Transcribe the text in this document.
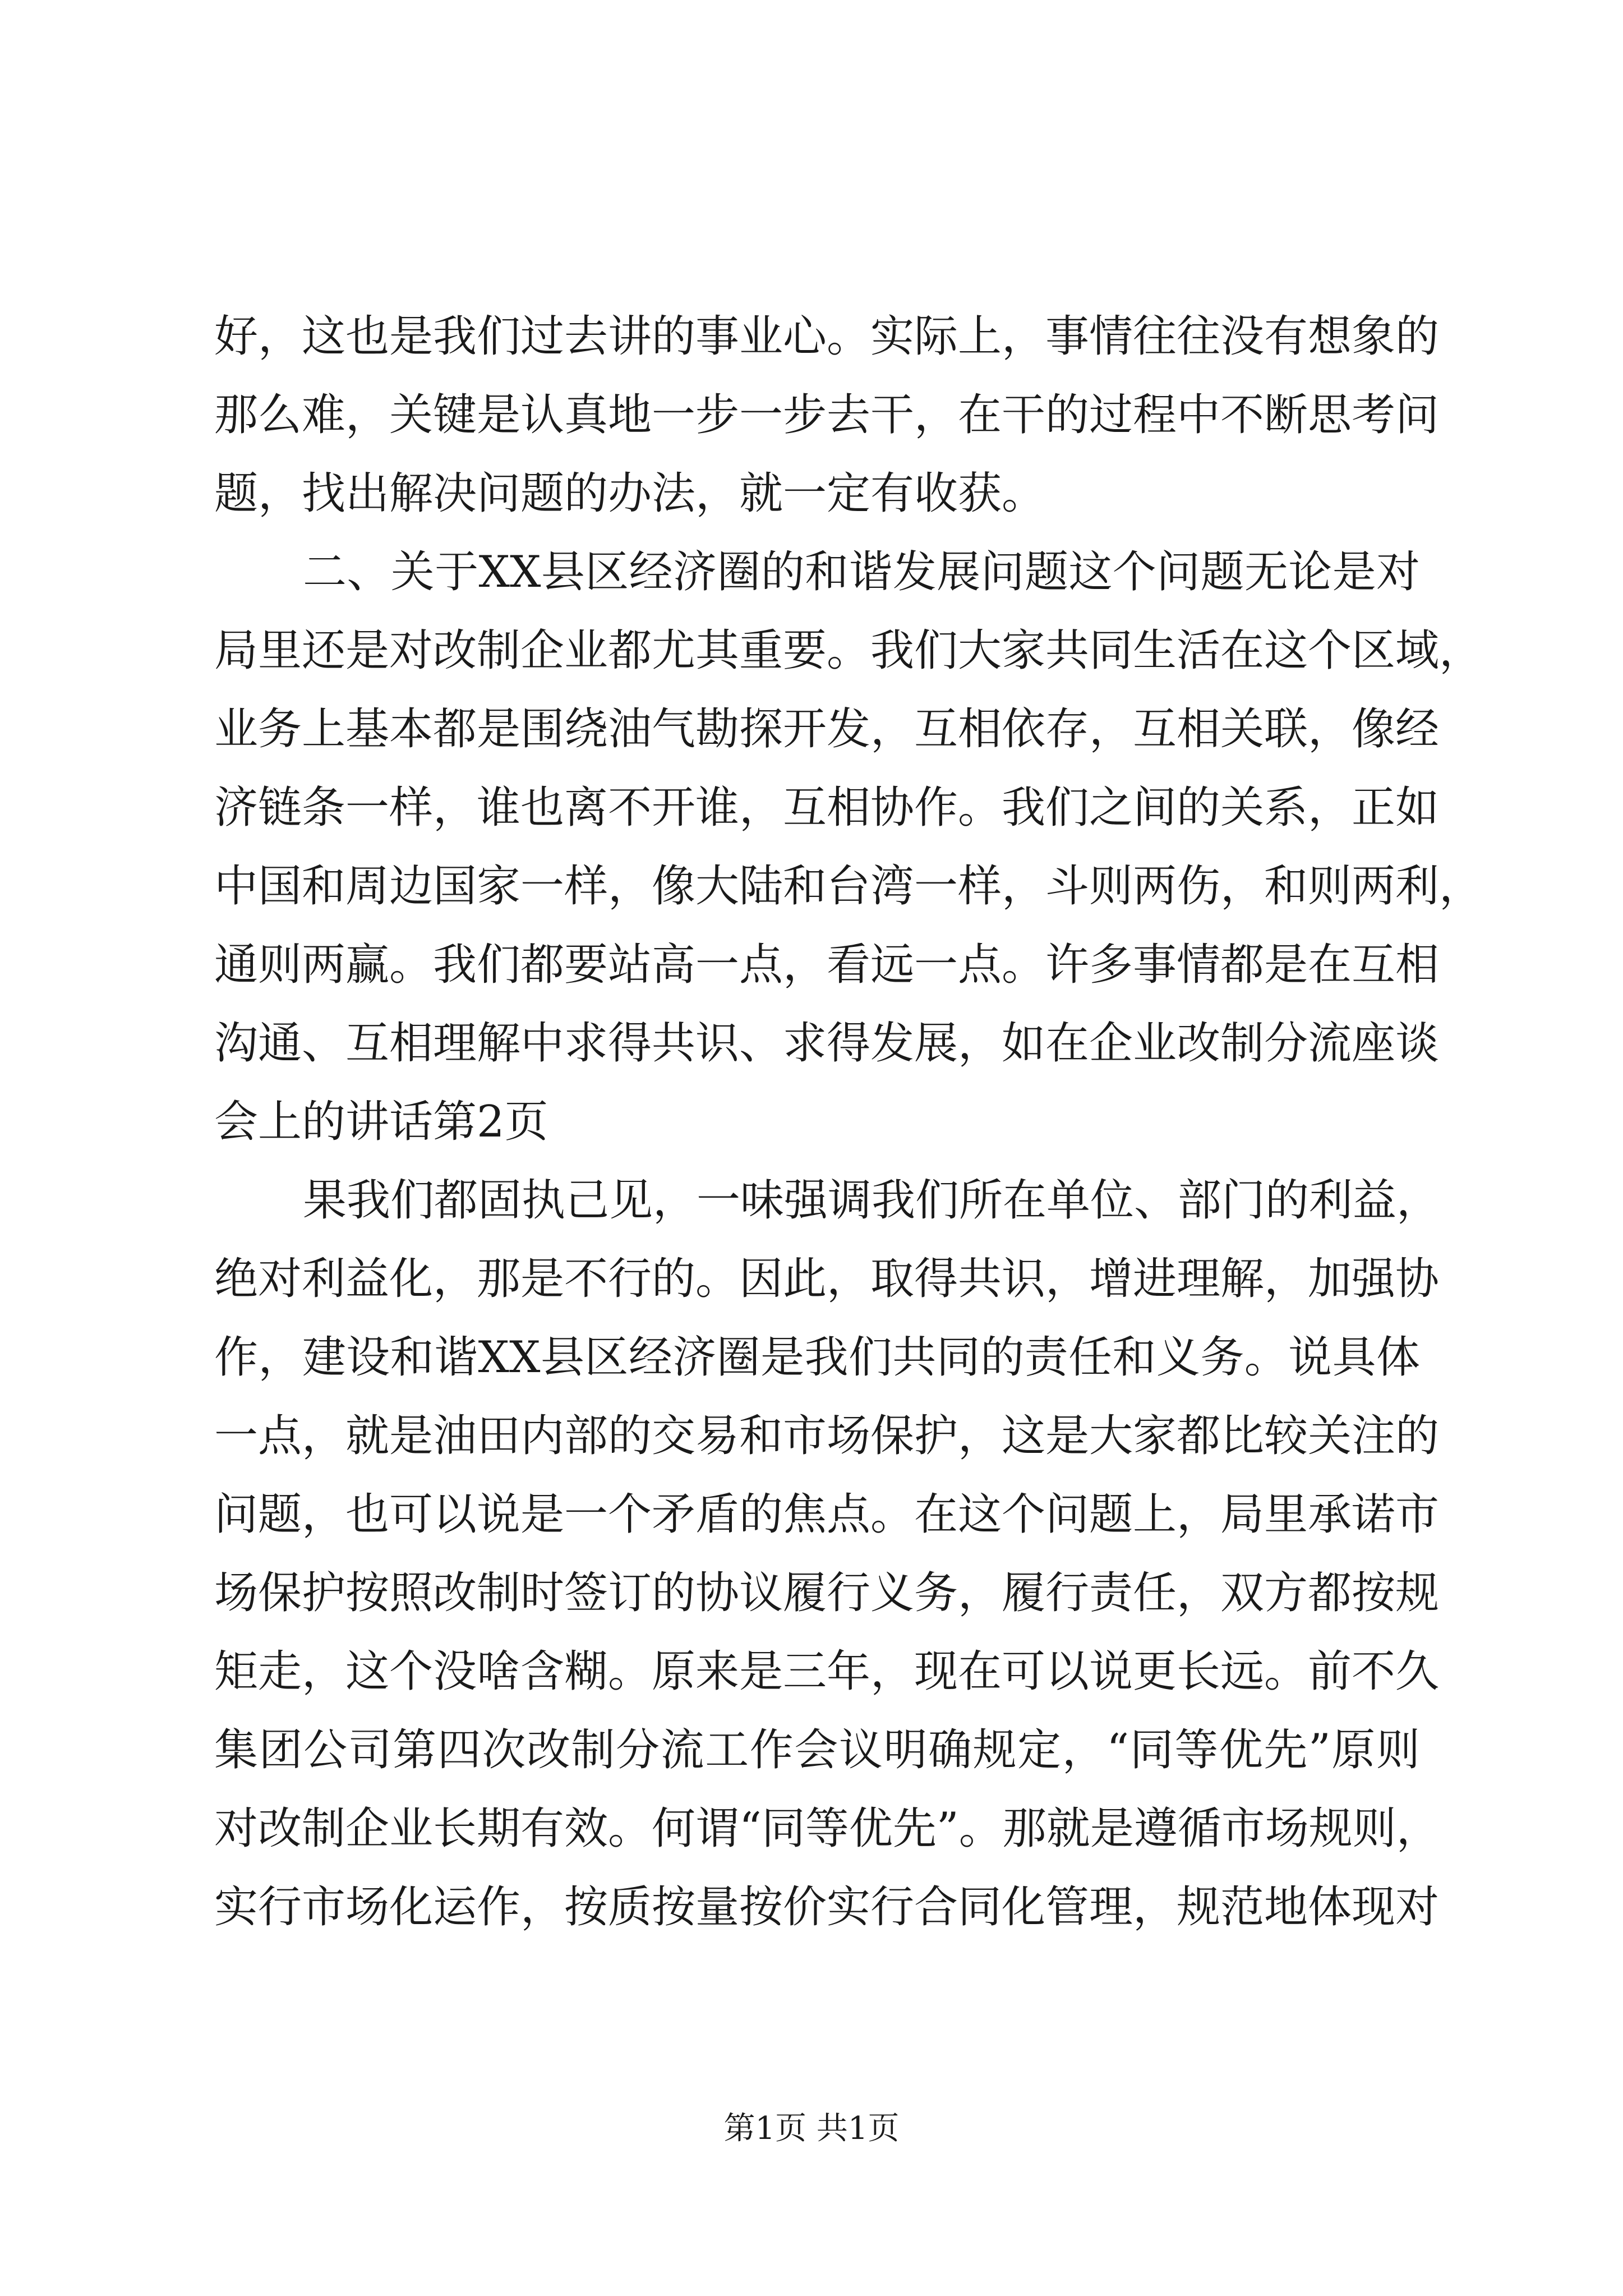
好，这也是我们过去讲的事业心。实际上，事情往往没有想象的
那么难，关键是认真地一步一步去干，在干的过程中不断思考问
题，找出解决问题的办法，就一定有收获。
二、关于XX县区经济圈的和谐发展问题这个问题无论是对
局里还是对改制企业都尤其重要。我们大家共同生活在这个区域，
业务上基本都是围绕油气勘探开发，互相依存，互相关联，像经
济链条一样，谁也离不开谁，互相协作。我们之间的关系，正如
中国和周边国家一样，像大陆和台湾一样，斗则两伤，和则两利，
通则两赢。我们都要站高一点，看远一点。许多事情都是在互相
沟通、互相理解中求得共识、求得发展，如在企业改制分流座谈
会上的讲话第2页
果我们都固执己见，一味强调我们所在单位、部门的利益，
绝对利益化，那是不行的。因此，取得共识，增进理解，加强协
作，建设和谐XX县区经济圈是我们共同的责任和义务。说具体
一点，就是油田内部的交易和市场保护，这是大家都比较关注的
问题，也可以说是一个矛盾的焦点。在这个问题上，局里承诺市
场保护按照改制时签订的协议履行义务，履行责任，双方都按规
矩走，这个没啥含糊。原来是三年，现在可以说更长远。前不久
集团公司第四次改制分流工作会议明确规定，“同等优先”原则
对改制企业长期有效。何谓“同等优先”。那就是遵循市场规则，
实行市场化运作，按质按量按价实行合同化管理，规范地体现对
第1页 共1页
